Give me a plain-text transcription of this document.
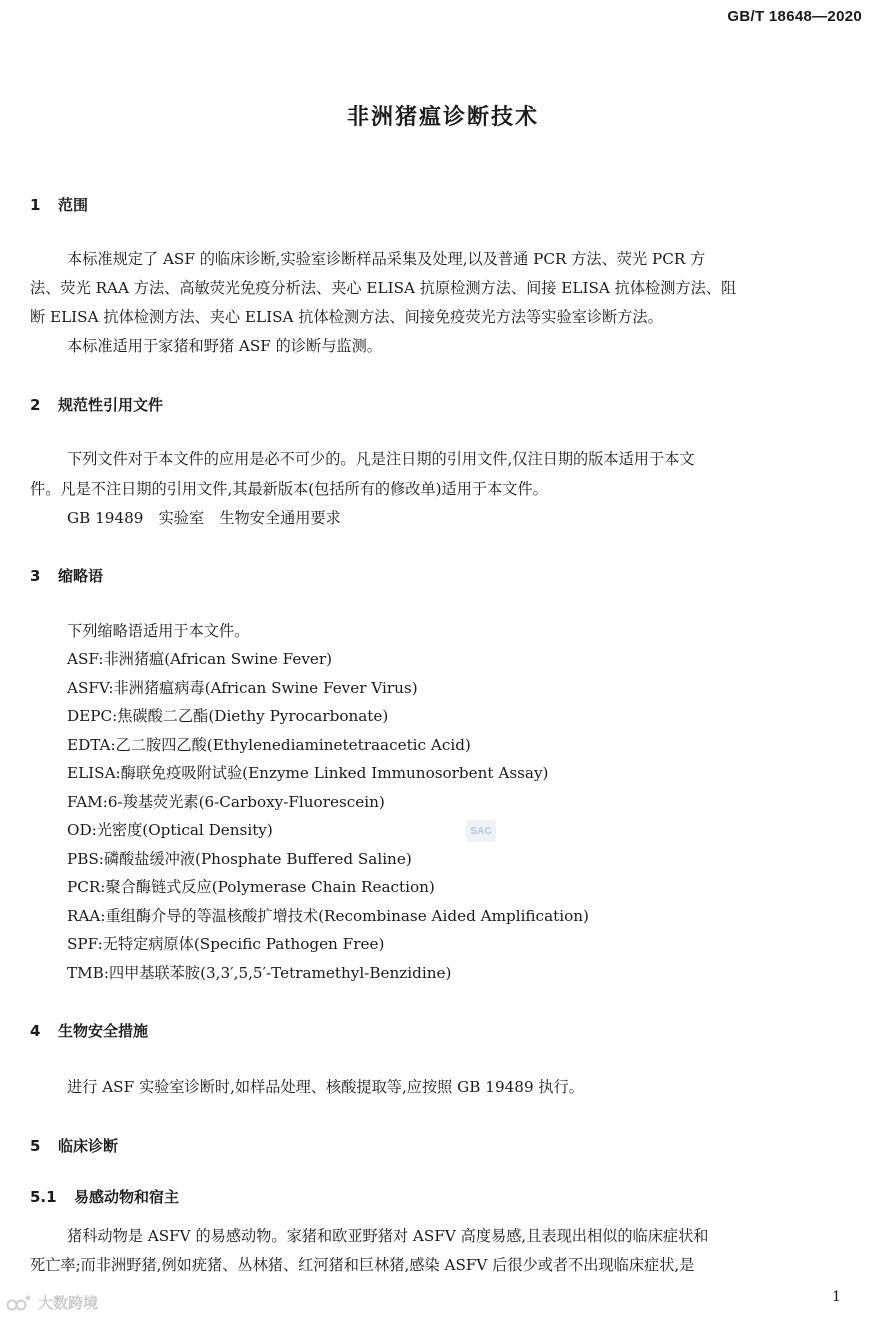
GB/T 18648—2020
非洲猪瘟诊断技术
1 范围
本标准规定了 ASF 的临床诊断,实验室诊断样品采集及处理,以及普通 PCR 方法、荧光 PCR 方
法、荧光 RAA 方法、高敏荧光免疫分析法、夹心 ELISA 抗原检测方法、间接 ELISA 抗体检测方法、阻
断 ELISA 抗体检测方法、夹心 ELISA 抗体检测方法、间接免疫荧光方法等实验室诊断方法。
本标准适用于家猪和野猪 ASF 的诊断与监测。
2 规范性引用文件
下列文件对于本文件的应用是必不可少的。凡是注日期的引用文件,仅注日期的版本适用于本文
件。凡是不注日期的引用文件,其最新版本(包括所有的修改单)适用于本文件。
GB 19489　实验室　生物安全通用要求
3 缩略语
下列缩略语适用于本文件。
ASF:非洲猪瘟(African Swine Fever)
ASFV:非洲猪瘟病毒(African Swine Fever Virus)
DEPC:焦碳酸二乙酯(Diethy Pyrocarbonate)
EDTA:乙二胺四乙酸(Ethylenediaminetetraacetic Acid)
ELISA:酶联免疫吸附试验(Enzyme Linked Immunosorbent Assay)
FAM:6-羧基荧光素(6-Carboxy-Fluorescein)
OD:光密度(Optical Density)
PBS:磷酸盐缓冲液(Phosphate Buffered Saline)
PCR:聚合酶链式反应(Polymerase Chain Reaction)
RAA:重组酶介导的等温核酸扩增技术(Recombinase Aided Amplification)
SPF:无特定病原体(Specific Pathogen Free)
TMB:四甲基联苯胺(3,3′,5,5′-Tetramethyl-Benzidine)
SAC
4 生物安全措施
进行 ASF 实验室诊断时,如样品处理、核酸提取等,应按照 GB 19489 执行。
5 临床诊断
5.1 易感动物和宿主
猪科动物是 ASFV 的易感动物。家猪和欧亚野猪对 ASFV 高度易感,且表现出相似的临床症状和
死亡率;而非洲野猪,例如疣猪、丛林猪、红河猪和巨林猪,感染 ASFV 后很少或者不出现临床症状,是
大数跨境	1
